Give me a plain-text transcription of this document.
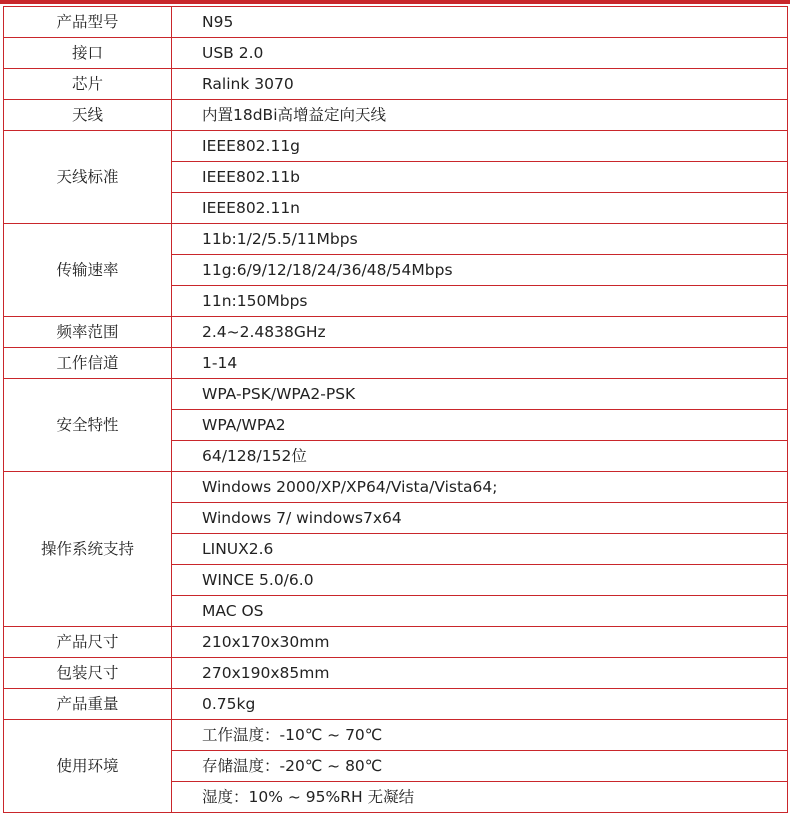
产品型号	N95
接口	USB 2.0
芯片	Ralink 3070
天线	内置18dBi高增益定向天线
天线标准	IEEE802.11g
	IEEE802.11b
	IEEE802.11n
传输速率	11b:1/2/5.5/11Mbps
	11g:6/9/12/18/24/36/48/54Mbps
	11n:150Mbps
频率范围	2.4~2.4838GHz
工作信道	1-14
安全特性	WPA-PSK/WPA2-PSK
	WPA/WPA2
	64/128/152位
操作系统支持	Windows 2000/XP/XP64/Vista/Vista64;
	Windows 7/ windows7x64
	LINUX2.6
	WINCE 5.0/6.0
	MAC OS
产品尺寸	210x170x30mm
包装尺寸	270x190x85mm
产品重量	0.75kg
使用环境	工作温度：-10℃ ~ 70℃
	存储温度：-20℃ ~ 80℃
	湿度：10% ~ 95%RH 无凝结
